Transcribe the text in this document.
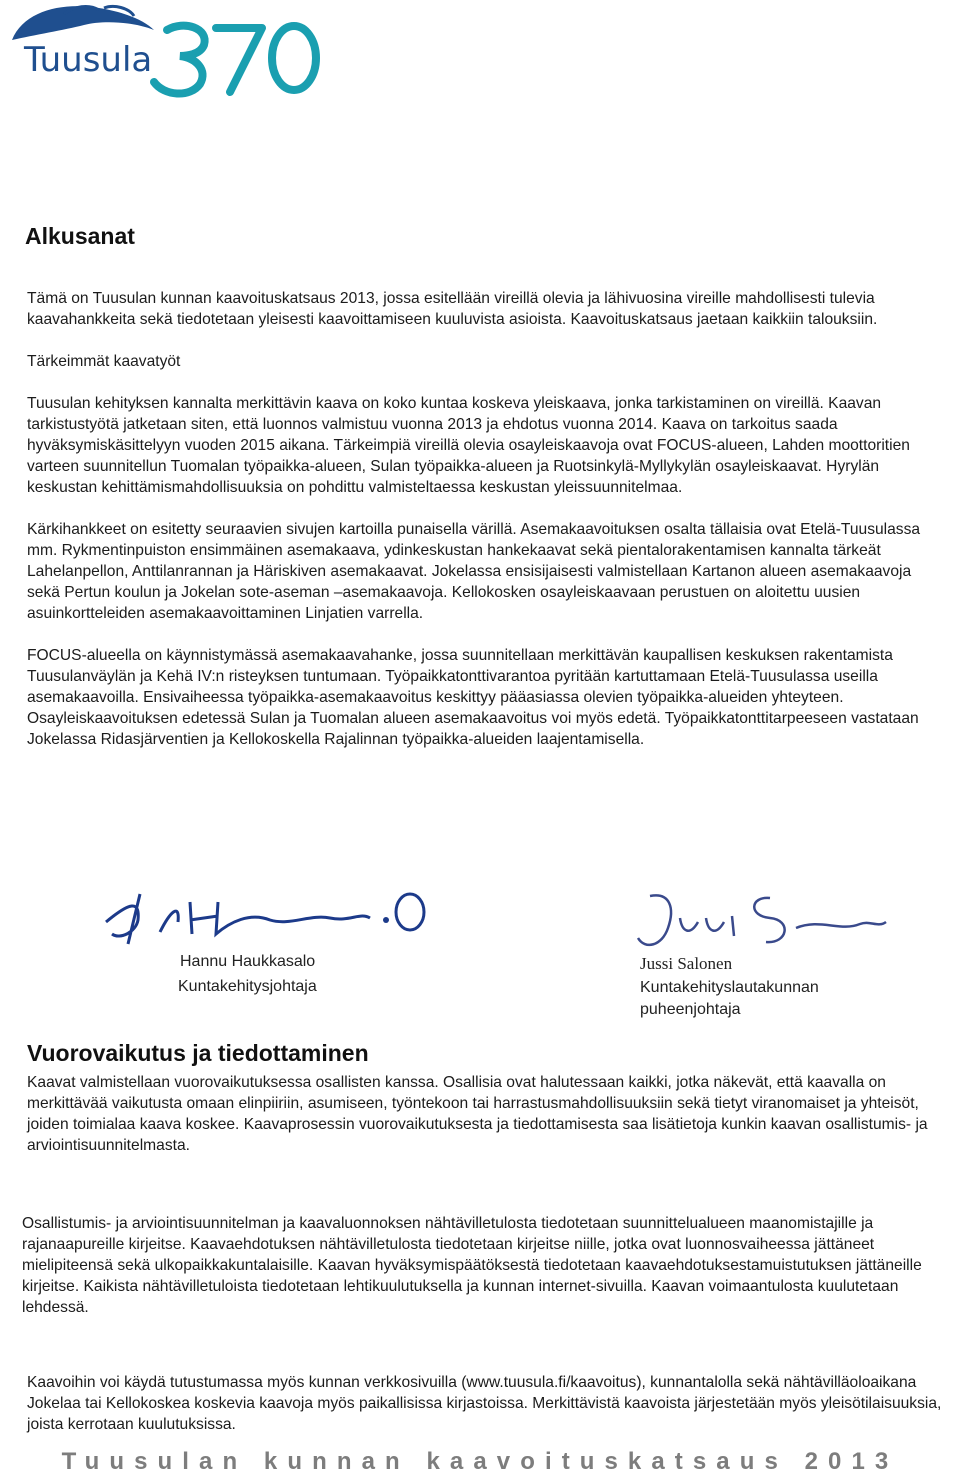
Tuusula
Alkusanat

Tämä on Tuusulan kunnan kaavoituskatsaus 2013, jossa esitellään vireillä olevia ja lähivuosina vireille mahdollisesti tulevia kaavahankkeita sekä tiedotetaan yleisesti kaavoittamiseen kuuluvista asioista. Kaavoituskatsaus jaetaan kaikkiin talouksiin.

Tärkeimmät kaavatyöt

Tuusulan kehityksen kannalta merkittävin kaava on koko kuntaa koskeva yleiskaava, jonka tarkistaminen on vireillä. Kaavan tarkistustyötä jatketaan siten, että luonnos valmistuu vuonna 2013 ja ehdotus vuonna 2014. Kaava on tarkoitus saada hyväksymiskäsittelyyn vuoden 2015 aikana. Tärkeimpiä vireillä olevia osayleiskaavoja ovat FOCUS-alueen, Lahden moottoritien varteen suunnitellun Tuomalan työpaikka-alueen, Sulan työpaikka-alueen ja Ruotsinkylä-Myllykylän osayleiskaavat. Hyrylän keskustan kehittämismahdollisuuksia on pohdittu valmisteltaessa keskustan yleissuunnitelmaa.

Kärkihankkeet on esitetty seuraavien sivujen kartoilla punaisella värillä. Asemakaavoituksen osalta tällaisia ovat Etelä-Tuusulassa mm. Rykmentinpuiston ensimmäinen asemakaava, ydinkeskustan hankekaavat sekä pientalorakentamisen kannalta tärkeät Lahelanpellon, Anttilanrannan ja Häriskiven asemakaavat. Jokelassa ensisijaisesti valmistellaan Kartanon alueen asemakaavoja sekä Pertun koulun ja Jokelan sote-aseman –asemakaavoja. Kellokosken osayleiskaavaan perustuen on aloitettu uusien asuinkortteleiden asemakaavoittaminen Linjatien varrella.

FOCUS-alueella on käynnistymässä asemakaavahanke, jossa suunnitellaan merkittävän kaupallisen keskuksen rakentamista Tuusulanväylän ja Kehä IV:n risteyksen tuntumaan. Työpaikkatonttivarantoa pyritään kartuttamaan Etelä-Tuusulassa useilla asemakaavoilla. Ensivaiheessa työpaikka-asemakaavoitus keskittyy pääasiassa olevien työpaikka-alueiden yhteyteen. Osayleiskaavoituksen edetessä Sulan ja Tuomalan alueen asemakaavoitus voi myös edetä. Työpaikkatonttitarpeeseen vastataan Jokelassa Ridasjärventien ja Kellokoskella Rajalinnan työpaikka-alueiden laajentamisella.

Hannu Haukkasalo
Kuntakehitysjohtaja
Jussi Salonen
Kuntakehityslautakunnan puheenjohtaja
Vuorovaikutus ja tiedottaminen
Kaavat valmistellaan vuorovaikutuksessa osallisten kanssa. Osallisia ovat halutessaan kaikki, jotka näkevät, että kaavalla on merkittävää vaikutusta omaan elinpiiriin, asumiseen, työntekoon tai harrastusmahdollisuuksiin sekä tietyt viranomaiset ja yhteisöt, joiden toimialaa kaava koskee. Kaavaprosessin vuorovaikutuksesta ja tiedottamisesta saa lisätietoja kunkin kaavan osallistumis- ja arviointisuunnitelmasta.
Osallistumis- ja arviointisuunnitelman ja kaavaluonnoksen nähtävilletulosta tiedotetaan suunnittelualueen maanomistajille ja rajanaapureille kirjeitse. Kaavaehdotuksen nähtävilletulosta tiedotetaan kirjeitse niille, jotka ovat luonnosvaiheessa jättäneet mielipiteensä sekä ulkopaikkakuntalaisille. Kaavan hyväksymispäätöksestä tiedotetaan kaavaehdotuksestamuistutuksen jättäneille kirjeitse. Kaikista nähtävilletuloista tiedotetaan lehtikuulutuksella ja kunnan internet-sivuilla. Kaavan voimaantulosta kuulutetaan lehdessä.
Kaavoihin voi käydä tutustumassa myös kunnan verkkosivuilla (www.tuusula.fi/kaavoitus), kunnantalolla sekä nähtävilläoloaikana Jokelaa tai Kellokoskea koskevia kaavoja myös paikallisissa kirjastoissa. Merkittävistä kaavoista järjestetään myös yleisötilaisuuksia, joista kerrotaan kuulutuksissa.
Tuusulan kunnan kaavoituskatsaus 2013
